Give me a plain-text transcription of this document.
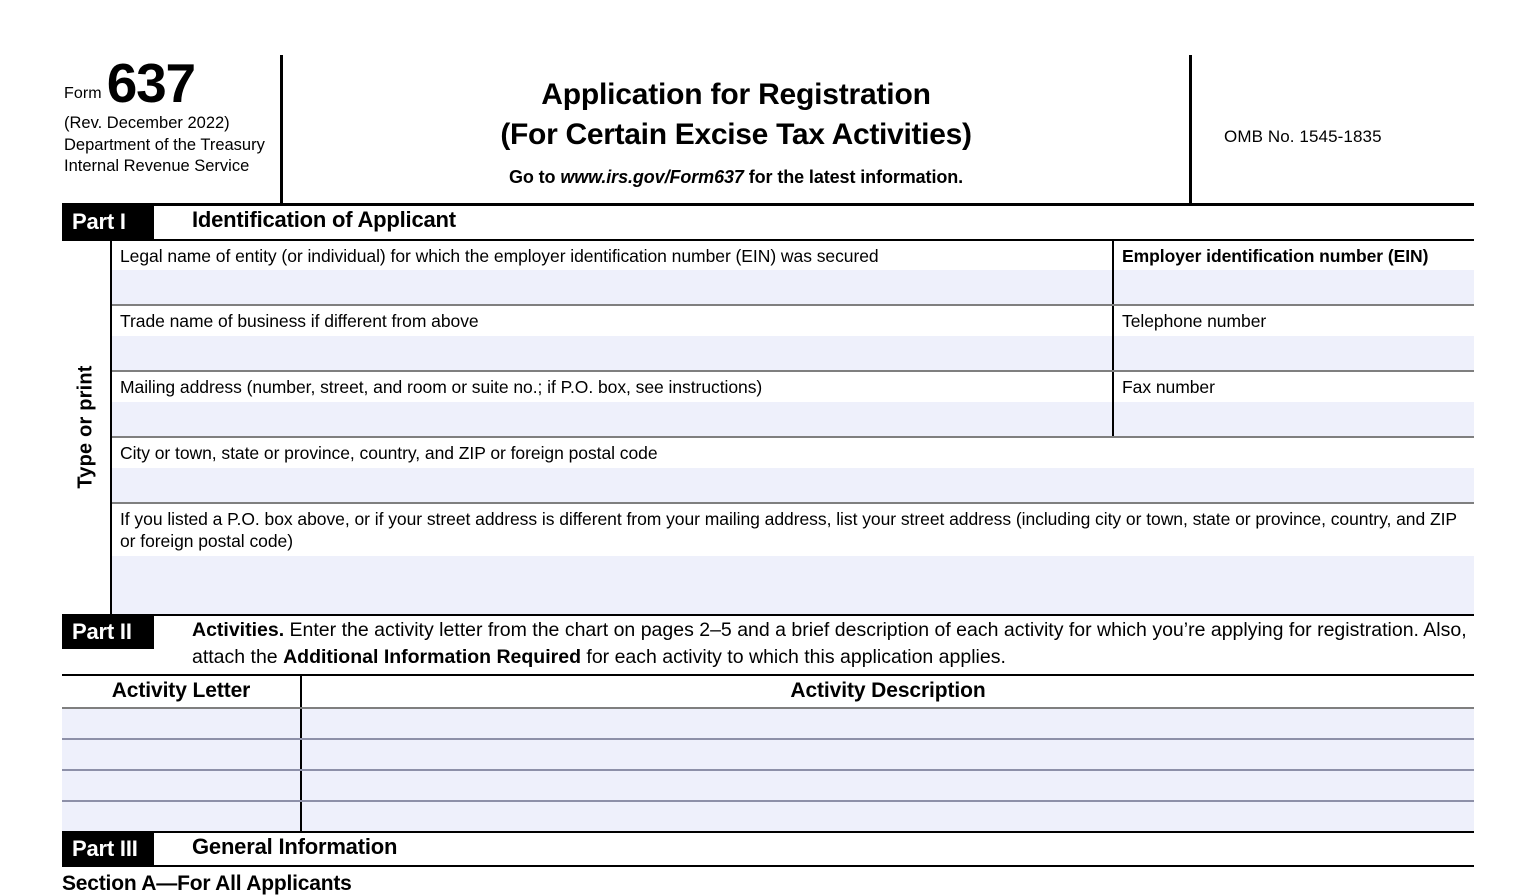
Form 637
(Rev. December 2022)
Department of the Treasury
Internal Revenue Service
Application for Registration
(For Certain Excise Tax Activities)
Go to www.irs.gov/Form637 for the latest information.
OMB No. 1545-1835
Part I	Identification of Applicant
Type or print
Legal name of entity (or individual) for which the employer identification number (EIN) was secured	Employer identification number (EIN)
Trade name of business if different from above	Telephone number
Mailing address (number, street, and room or suite no.; if P.O. box, see instructions)	Fax number
City or town, state or province, country, and ZIP or foreign postal code
If you listed a P.O. box above, or if your street address is different from your mailing address, list your street address (including city or town, state or province, country, and ZIP or foreign postal code)
Part II	Activities. Enter the activity letter from the chart on pages 2–5 and a brief description of each activity for which you’re applying for registration. Also, attach the Additional Information Required for each activity to which this application applies.
Activity Letter	Activity Description
Part III	General Information
Section A—For All Applicants
